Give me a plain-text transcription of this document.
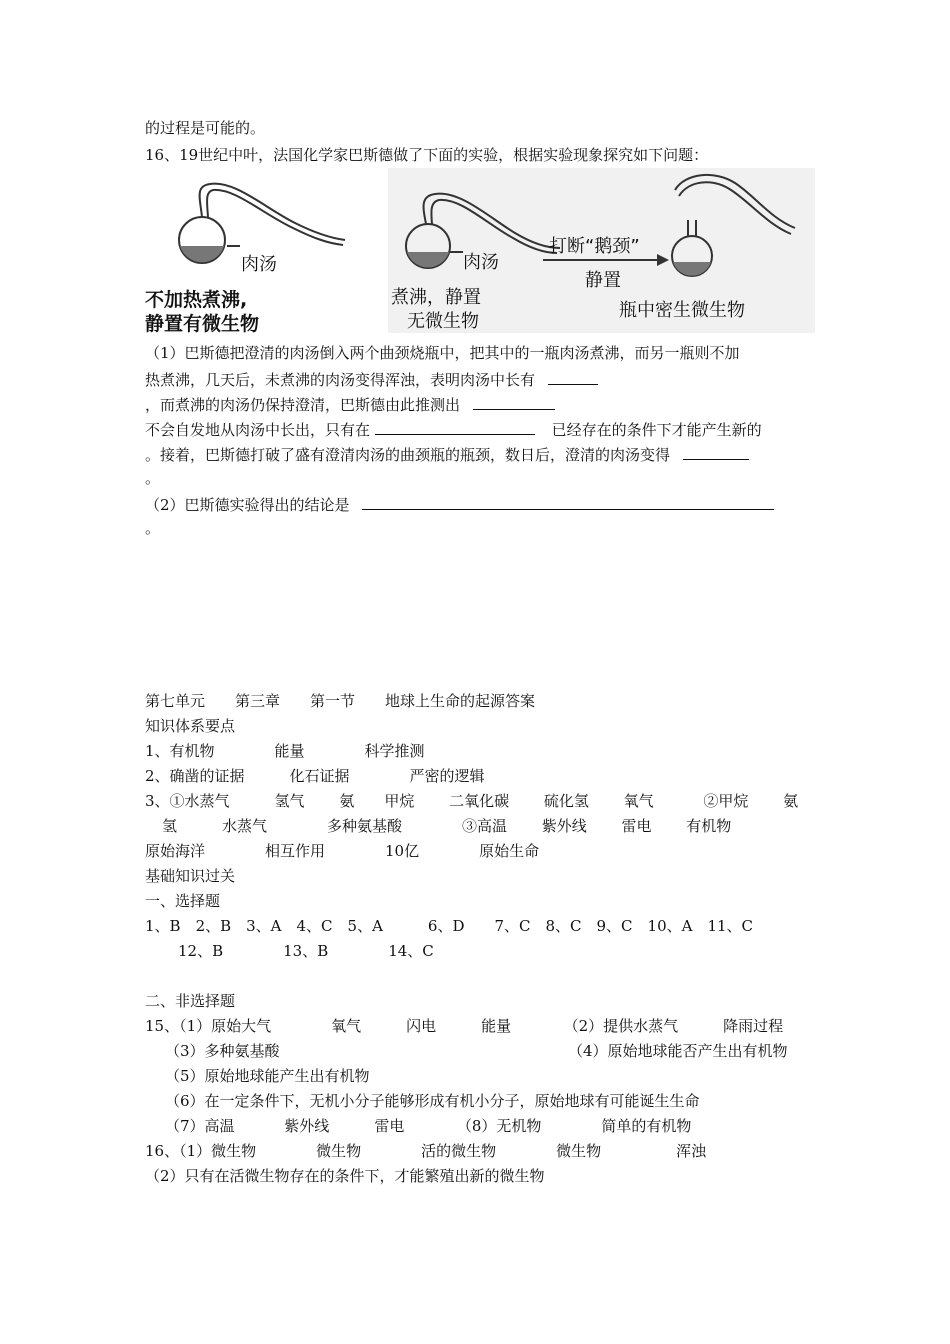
的过程是可能的。
16、19世纪中叶，法国化学家巴斯德做了下面的实验，根据实验现象探究如下问题：
肉汤
不加热煮沸,
静置有微生物
肉汤
煮沸，静置
无微生物
打断“鹅颈”
静置
瓶中密生微生物
（1）巴斯德把澄清的肉汤倒入两个曲颈烧瓶中，把其中的一瓶肉汤煮沸，而另一瓶则不加
热煮沸，几天后，未煮沸的肉汤变得浑浊，表明肉汤中长有
，而煮沸的肉汤仍保持澄清，巴斯德由此推测出
不会自发地从肉汤中长出，只有在	已经存在的条件下才能产生新的
。接着，巴斯德打破了盛有澄清肉汤的曲颈瓶的瓶颈，数日后，澄清的肉汤变得
。
（2）巴斯德实验得出的结论是
。
第七单元　　第三章　　第一节　　地球上生命的起源答案
知识体系要点
1、有机物　　　　能量　　　　科学推测
2、确凿的证据　　　化石证据　　　　严密的逻辑
3、①水蒸气　　　氢气　　 氨　　甲烷　　 二氧化碳　　 硫化氢　　 氧气　　　 ②甲烷　　 氨
氢　　　水蒸气　　　　多种氨基酸　　　　③高温　　 紫外线　　 雷电　　 有机物
原始海洋　　　　相互作用　　　　10亿　　　　原始生命
基础知识过关
一、选择题
1、B　2、B　3、A　4、C　5、A　　　6、D　　7、C　8、C　9、C　10、A　11、C
12、B　　　　13、B　　　　14、C
二、非选择题
15、（1）原始大气　　　　氧气　　　闪电　　　能量　　　　（2）提供水蒸气　　　降雨过程
（3）多种氨基酸	（4）原始地球能否产生出有机物
（5）原始地球能产生出有机物
（6）在一定条件下，无机小分子能够形成有机小分子，原始地球有可能诞生生命
（7）高温　　　 紫外线　　　雷电　　　　（8）无机物　　　　简单的有机物
16、（1）微生物　　　　微生物　　　　活的微生物　　　　微生物　　　　　浑浊
（2）只有在活微生物存在的条件下，才能繁殖出新的微生物
